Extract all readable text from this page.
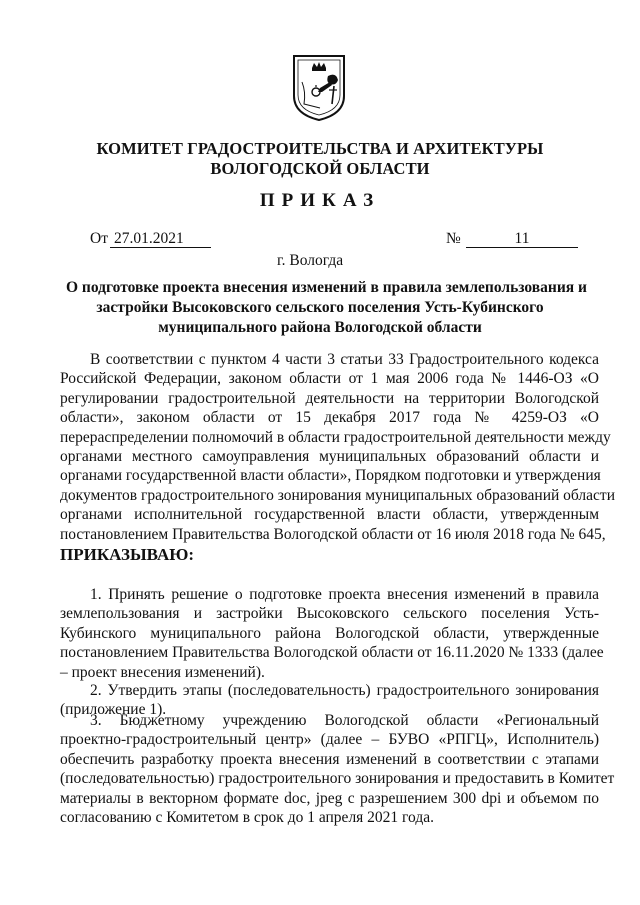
КОМИТЕТ ГРАДОСТРОИТЕЛЬСТВА И АРХИТЕКТУРЫ
ВОЛОГОДСКОЙ ОБЛАСТИ
ПРИКАЗ
От 27.01.2021	№	11
г. Вологда
О подготовке проекта внесения изменений в правила землепользования и
застройки Высоковского сельского поселения Усть-Кубинского
муниципального района Вологодской области
В соответствии с пунктом 4 части 3 статьи 33 Градостроительного кодекса
Российской Федерации, законом области от 1 мая 2006 года № 1446-ОЗ «О
регулировании градостроительной деятельности на территории Вологодской
области», законом области от 15 декабря 2017 года № 4259-ОЗ «О
перераспределении полномочий в области градостроительной деятельности между
органами местного самоуправления муниципальных образований области и
органами государственной власти области», Порядком подготовки и утверждения
документов градостроительного зонирования муниципальных образований области
органами исполнительной государственной власти области, утвержденным
постановлением Правительства Вологодской области от 16 июля 2018 года № 645,
ПРИКАЗЫВАЮ:
1. Принять решение о подготовке проекта внесения изменений в правила
землепользования и застройки Высоковского сельского поселения Усть-
Кубинского муниципального района Вологодской области, утвержденные
постановлением Правительства Вологодской области от 16.11.2020 № 1333 (далее
– проект внесения изменений).
2. Утвердить этапы (последовательность) градостроительного зонирования
(приложение 1).
3. Бюджетному учреждению Вологодской области «Региональный
проектно-градостроительный центр» (далее – БУВО «РПГЦ», Исполнитель)
обеспечить разработку проекта внесения изменений в соответствии с этапами
(последовательностью) градостроительного зонирования и предоставить в Комитет
материалы в векторном формате doc, jpeg с разрешением 300 dpi и объемом по
согласованию с Комитетом в срок до 1 апреля 2021 года.
